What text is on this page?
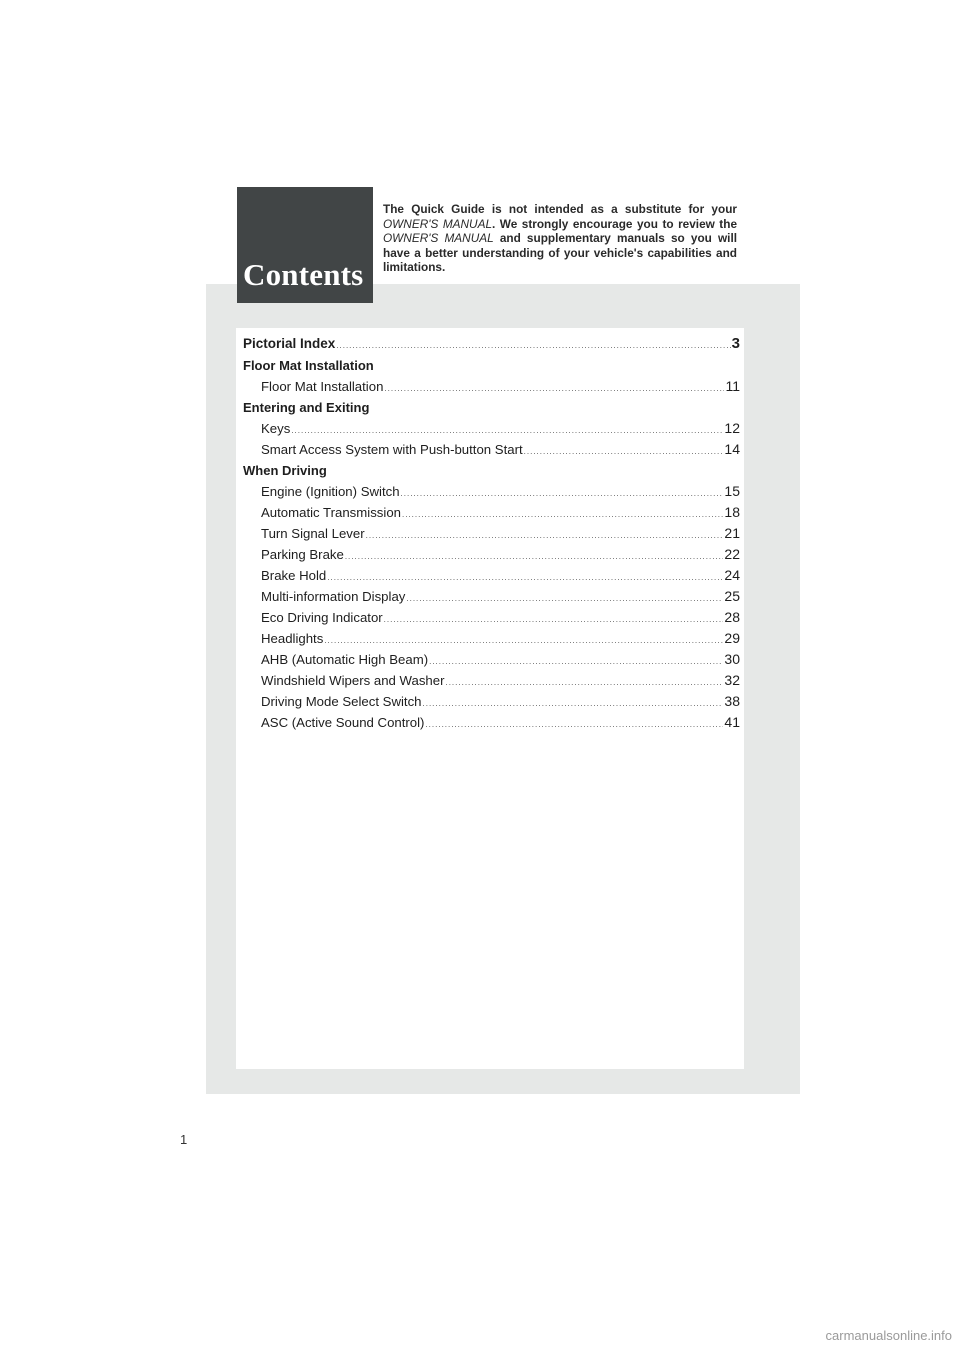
Contents
The Quick Guide is not intended as a substitute for your OWNER'S MANUAL. We strongly encourage you to review the OWNER'S MANUAL and supplementary manuals so you will have a better understanding of your vehicle's capabilities and limitations.
Pictorial Index .....	3
Floor Mat Installation
Floor Mat Installation .....	11
Entering and Exiting
Keys .....	12
Smart Access System with Push-button Start .....	14
When Driving
Engine (Ignition) Switch .....	15
Automatic Transmission .....	18
Turn Signal Lever .....	21
Parking Brake .....	22
Brake Hold .....	24
Multi-information Display .....	25
Eco Driving Indicator .....	28
Headlights .....	29
AHB (Automatic High Beam) .....	30
Windshield Wipers and Washer .....	32
Driving Mode Select Switch .....	38
ASC (Active Sound Control) .....	41
1
carmanualsonline.info
